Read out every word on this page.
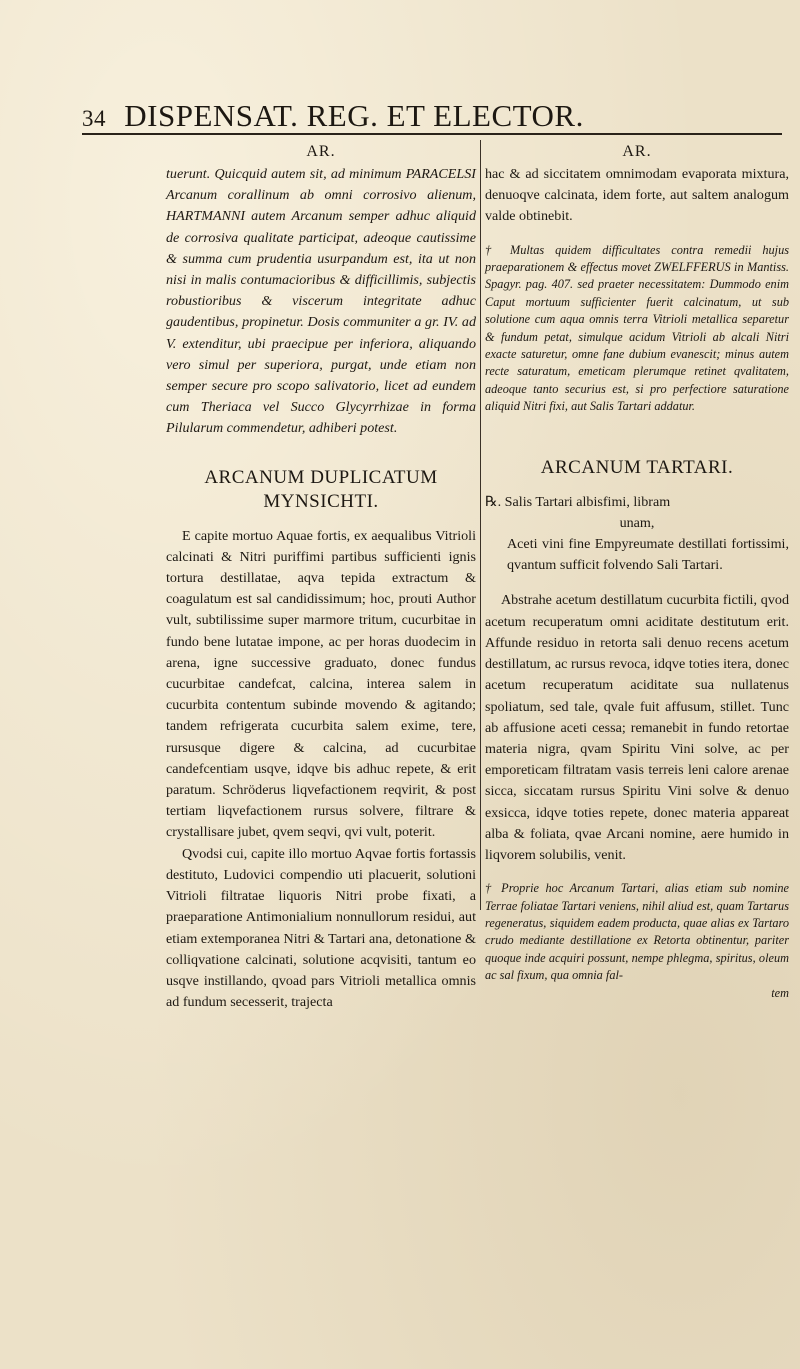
34 DISPENSAT. REG. ET ELECTOR.
AR.

tuerunt. Quicquid autem sit, ad minimum PARACELSI Arcanum corallinum ab omni corrosivo alienum, HARTMANNI autem Arcanum semper adhuc aliquid de corrosiva qualitate participat, adeoque cautissime & summa cum prudentia usurpandum est, ita ut non nisi in malis contumacioribus & difficillimis, subjectis robustioribus & viscerum integritate adhuc gaudentibus, propinetur. Dosis communiter a gr. IV. ad V. extenditur, ubi praecipue per inferiora, aliquando vero simul per superiora, purgat, unde etiam non semper secure pro scopo salivatorio, licet ad eundem cum Theriaca vel Succo Glycyrrhizae in forma Pilularum commendetur, adhiberi potest.

ARCANUM DUPLICATUM MYNSICHTI.

E capite mortuo Aquae fortis, ex aequalibus Vitrioli calcinati & Nitri puriffimi partibus sufficienti ignis tortura destillatae, aqva tepida extractum & coagulatum est sal candidissimum; hoc, prouti Author vult, subtilissime super marmore tritum, cucurbitae in fundo bene lutatae impone, ac per horas duodecim in arena, igne successive graduato, donec fundus cucurbitae candefcat, calcina, interea salem in cucurbita contentum subinde movendo & agitando; tandem refrigerata cucurbita salem exime, tere, rursusque digere & calcina, ad cucurbitae candefcentiam usqve, idqve bis adhuc repete, & erit paratum. Schröderus liqvefactionem reqvirit, & post tertiam liqvefactionem rursus solvere, filtrare & crystallisare jubet, qvem seqvi, qvi vult, poterit.

Qvodsi cui, capite illo mortuo Aqvae fortis fortassis destituto, Ludovici compendio uti placuerit, solutioni Vitrioli filtratae liquoris Nitri probe fixati, a praeparatione Antimonialium nonnullorum residui, aut etiam extemporanea Nitri & Tartari ana, detonatione & colliqvatione calcinati, solutione acqvisiti, tantum eo usqve instillando, qvoad pars Vitrioli metallica omnis ad fundum secesserit, trajecta

AR.

hac & ad siccitatem omnimodam evaporata mixtura, denuoqve calcinata, idem forte, aut saltem analogum valde obtinebit.

† Multas quidem difficultates contra remedii hujus praeparationem & effectus movet ZWELFFERUS in Mantiss. Spagyr. pag. 407. sed praeter necessitatem: Dummodo enim Caput mortuum sufficienter fuerit calcinatum, ut sub solutione cum aqua omnis terra Vitrioli metallica separetur & fundum petat, simulque acidum Vitrioli ab alcali Nitri exacte saturetur, omne fane dubium evanescit; minus autem recte saturatum, emeticam plerumque retinet qvalitatem, adeoque tanto securius est, si pro perfectiore saturatione aliquid Nitri fixi, aut Salis Tartari addatur.

ARCANUM TARTARI.

℞. Salis Tartari albisfimi, libram

unam,

Aceti vini fine Empyreumate destillati fortissimi, qvantum sufficit folvendo Sali Tartari.

Abstrahe acetum destillatum cucurbita fictili, qvod acetum recuperatum omni aciditate destitutum erit. Affunde residuo in retorta sali denuo recens acetum destillatum, ac rursus revoca, idqve toties itera, donec acetum recuperatum aciditate sua nullatenus spoliatum, sed tale, qvale fuit affusum, stillet. Tunc ab affusione aceti cessa; remanebit in fundo retortae materia nigra, qvam Spiritu Vini solve, ac per emporeticam filtratam vasis terreis leni calore arenae sicca, siccatam rursus Spiritu Vini solve & denuo exsicca, idqve toties repete, donec materia appareat alba & foliata, qvae Arcani nomine, aere humido in liqvorem solubilis, venit.

† Proprie hoc Arcanum Tartari, alias etiam sub nomine Terrae foliatae Tartari veniens, nihil aliud est, quam Tartarus regeneratus, siquidem eadem producta, quae alias ex Tartaro crudo mediante destillatione ex Retorta obtinentur, pariter quoque inde acquiri possunt, nempe phlegma, spiritus, oleum ac sal fixum, qua omnia fal-

tem
